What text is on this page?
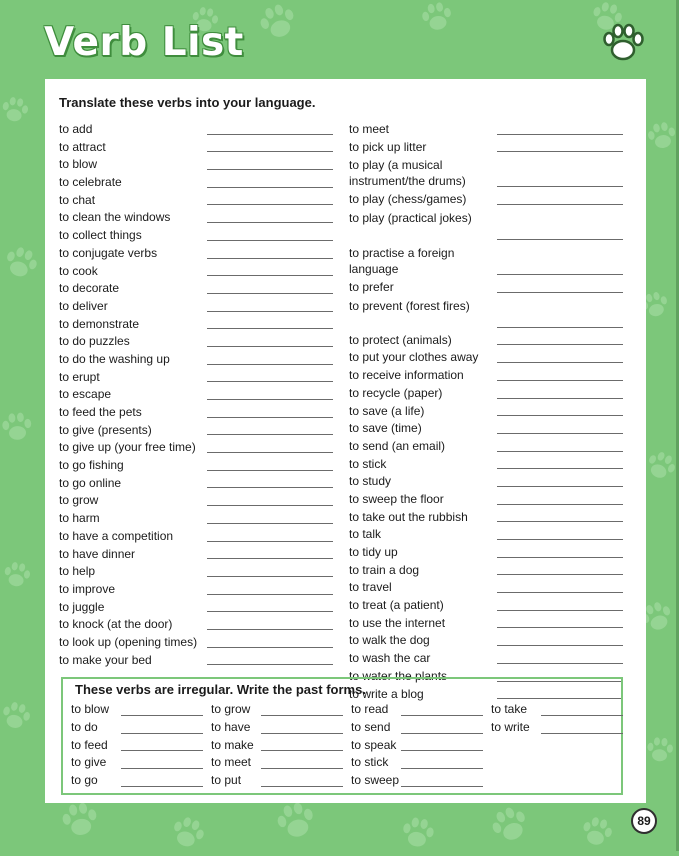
Verb List
Translate these verbs into your language.
to add
to attract
to blow
to celebrate
to chat
to clean the windows
to collect things
to conjugate verbs
to cook
to decorate
to deliver
to demonstrate
to do puzzles
to do the washing up
to erupt
to escape
to feed the pets
to give (presents)
to give up (your free time)
to go fishing
to go online
to grow
to harm
to have a competition
to have dinner
to help
to improve
to juggle
to knock (at the door)
to look up (opening times)
to make your bed
to meet
to pick up litter
to play (a musical instrument/the drums)
to play (chess/games)
to play (practical jokes)
to practise a foreign language
to prefer
to prevent (forest fires)
to protect (animals)
to put your clothes away
to receive information
to recycle (paper)
to save (a life)
to save (time)
to send (an email)
to stick
to study
to sweep the floor
to take out the rubbish
to talk
to tidy up
to train a dog
to travel
to treat (a patient)
to use the internet
to walk the dog
to wash the car
to water the plants
to write a blog
These verbs are irregular. Write the past forms.
to blow
to do
to feed
to give
to go
to grow
to have
to make
to meet
to put
to read
to send
to speak
to stick
to sweep
to take
to write
89
